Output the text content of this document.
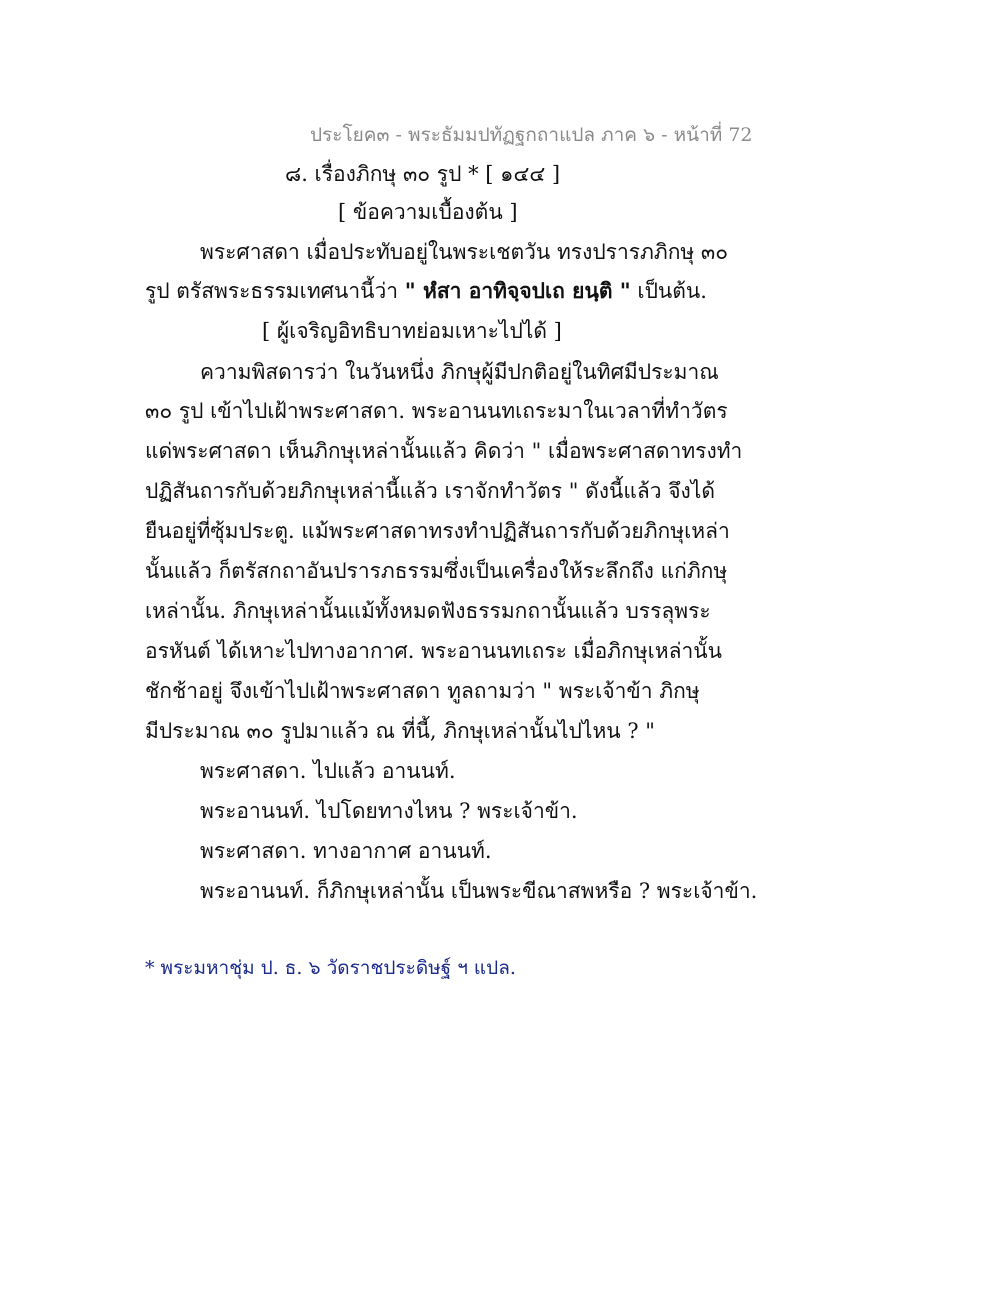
ประโยค๓ - พระธัมมปทัฏฐกถาแปล ภาค ๖ - หน้าที่ 72
๘. เรื่องภิกษุ ๓๐ รูป * [ ๑๔๔ ]
[ ข้อความเบื้องต้น ]
พระศาสดา เมื่อประทับอยู่ในพระเชตวัน ทรงปรารภภิกษุ ๓๐
รูป ตรัสพระธรรมเทศนานี้ว่า " หํสา อาทิจฺจปเถ ยนฺติ " เป็นต้น.
[ ผู้เจริญอิทธิบาทย่อมเหาะไปได้ ]
ความพิสดารว่า ในวันหนึ่ง ภิกษุผู้มีปกติอยู่ในทิศมีประมาณ
๓๐ รูป เข้าไปเฝ้าพระศาสดา. พระอานนทเถระมาในเวลาที่ทำวัตร
แด่พระศาสดา เห็นภิกษุเหล่านั้นแล้ว คิดว่า " เมื่อพระศาสดาทรงทำ
ปฏิสันถารกับด้วยภิกษุเหล่านี้แล้ว เราจักทำวัตร " ดังนี้แล้ว จึงได้
ยืนอยู่ที่ซุ้มประตู. แม้พระศาสดาทรงทำปฏิสันถารกับด้วยภิกษุเหล่า
นั้นแล้ว ก็ตรัสกถาอันปรารภธรรมซึ่งเป็นเครื่องให้ระลึกถึง แก่ภิกษุ
เหล่านั้น. ภิกษุเหล่านั้นแม้ทั้งหมดฟังธรรมกถานั้นแล้ว บรรลุพระ
อรหันต์ ได้เหาะไปทางอากาศ. พระอานนทเถระ เมื่อภิกษุเหล่านั้น
ชักช้าอยู่ จึงเข้าไปเฝ้าพระศาสดา ทูลถามว่า " พระเจ้าข้า ภิกษุ
มีประมาณ ๓๐ รูปมาแล้ว ณ ที่นี้, ภิกษุเหล่านั้นไปไหน ? "
พระศาสดา. ไปแล้ว อานนท์.
พระอานนท์. ไปโดยทางไหน ? พระเจ้าข้า.
พระศาสดา. ทางอากาศ อานนท์.
พระอานนท์. ก็ภิกษุเหล่านั้น เป็นพระขีณาสพหรือ ? พระเจ้าข้า.
* พระมหาชุ่ม ป. ธ. ๖ วัดราชประดิษฐ์ ฯ แปล.
